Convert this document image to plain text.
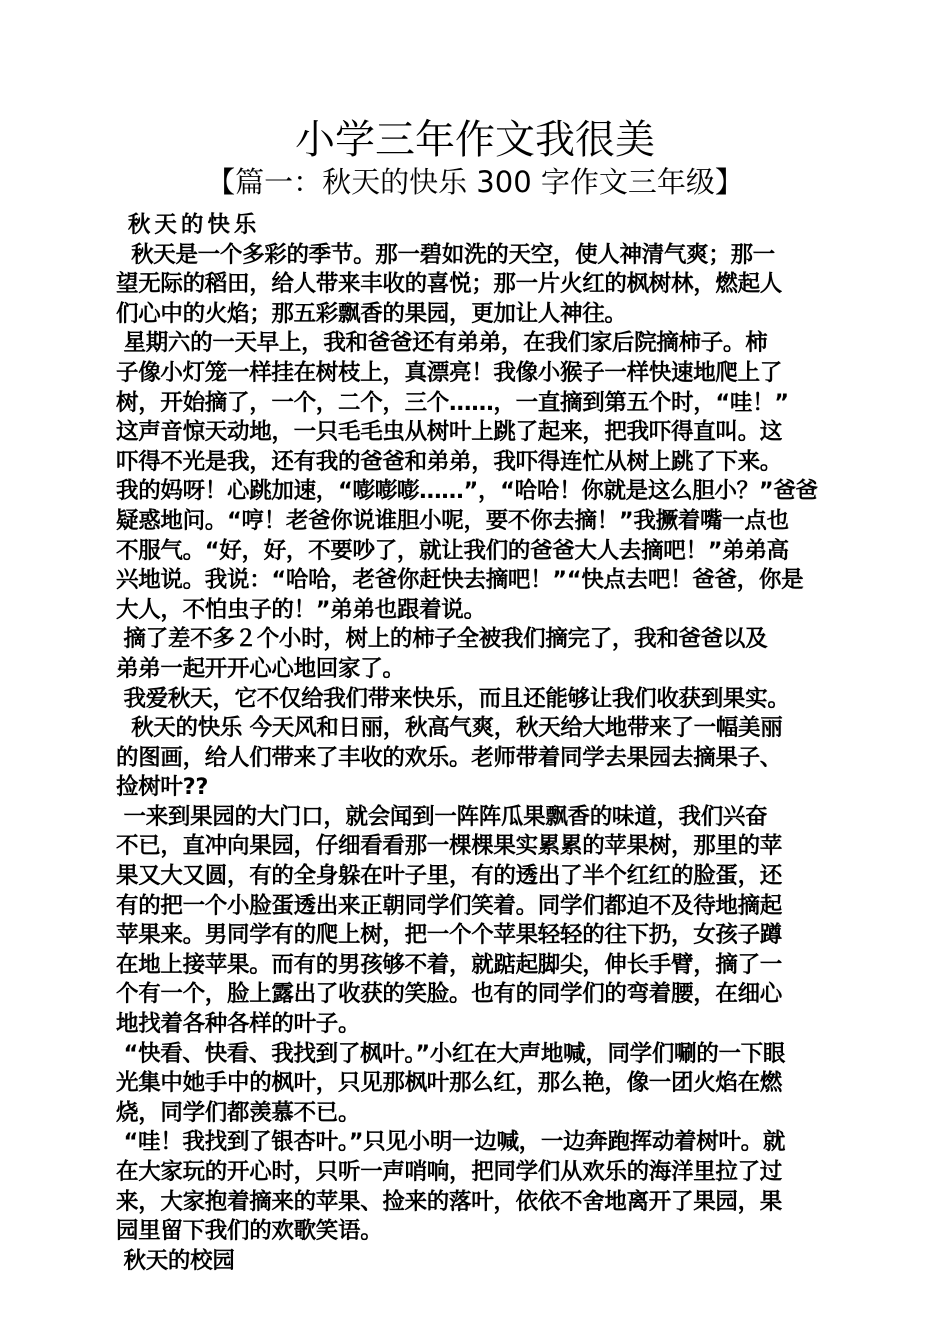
小学三年作文我很美
【篇一：秋天的快乐 300 字作文三年级】
秋天的快乐
秋天是一个多彩的季节。那一碧如洗的天空，使人神清气爽；那一
望无际的稻田，给人带来丰收的喜悦；那一片火红的枫树林，燃起人
们心中的火焰；那五彩飘香的果园，更加让人神往。
星期六的一天早上，我和爸爸还有弟弟，在我们家后院摘柿子。柿
子像小灯笼一样挂在树枝上，真漂亮！我像小猴子一样快速地爬上了
树，开始摘了，一个，二个，三个……，一直摘到第五个时，“哇！”
这声音惊天动地，一只毛毛虫从树叶上跳了起来，把我吓得直叫。这
吓得不光是我，还有我的爸爸和弟弟，我吓得连忙从树上跳了下来。
我的妈呀！心跳加速，“嘭嘭嘭……”，“哈哈！你就是这么胆小？”爸爸
疑惑地问。“哼！老爸你说谁胆小呢，要不你去摘！”我撅着嘴一点也
不服气。“好，好，不要吵了，就让我们的爸爸大人去摘吧！”弟弟高
兴地说。我说：“哈哈，老爸你赶快去摘吧！”“快点去吧！爸爸，你是
大人，不怕虫子的！”弟弟也跟着说。
摘了差不多２个小时，树上的柿子全被我们摘完了，我和爸爸以及
弟弟一起开开心心地回家了。
我爱秋天，它不仅给我们带来快乐，而且还能够让我们收获到果实。
秋天的快乐 今天风和日丽，秋高气爽，秋天给大地带来了一幅美丽
的图画，给人们带来了丰收的欢乐。老师带着同学去果园去摘果子、
捡树叶??
一来到果园的大门口，就会闻到一阵阵瓜果飘香的味道，我们兴奋
不已，直冲向果园，仔细看看那一棵棵果实累累的苹果树，那里的苹
果又大又圆，有的全身躲在叶子里，有的透出了半个红红的脸蛋，还
有的把一个小脸蛋透出来正朝同学们笑着。同学们都迫不及待地摘起
苹果来。男同学有的爬上树，把一个个苹果轻轻的往下扔，女孩子蹲
在地上接苹果。而有的男孩够不着，就踮起脚尖，伸长手臂，摘了一
个有一个，脸上露出了收获的笑脸。也有的同学们的弯着腰，在细心
地找着各种各样的叶子。
“快看、快看、我找到了枫叶。”小红在大声地喊，同学们唰的一下眼
光集中她手中的枫叶，只见那枫叶那么红，那么艳，像一团火焰在燃
烧，同学们都羡慕不已。
“哇！我找到了银杏叶。”只见小明一边喊，一边奔跑挥动着树叶。就
在大家玩的开心时，只听一声哨响，把同学们从欢乐的海洋里拉了过
来，大家抱着摘来的苹果、捡来的落叶，依依不舍地离开了果园，果
园里留下我们的欢歌笑语。
秋天的校园
